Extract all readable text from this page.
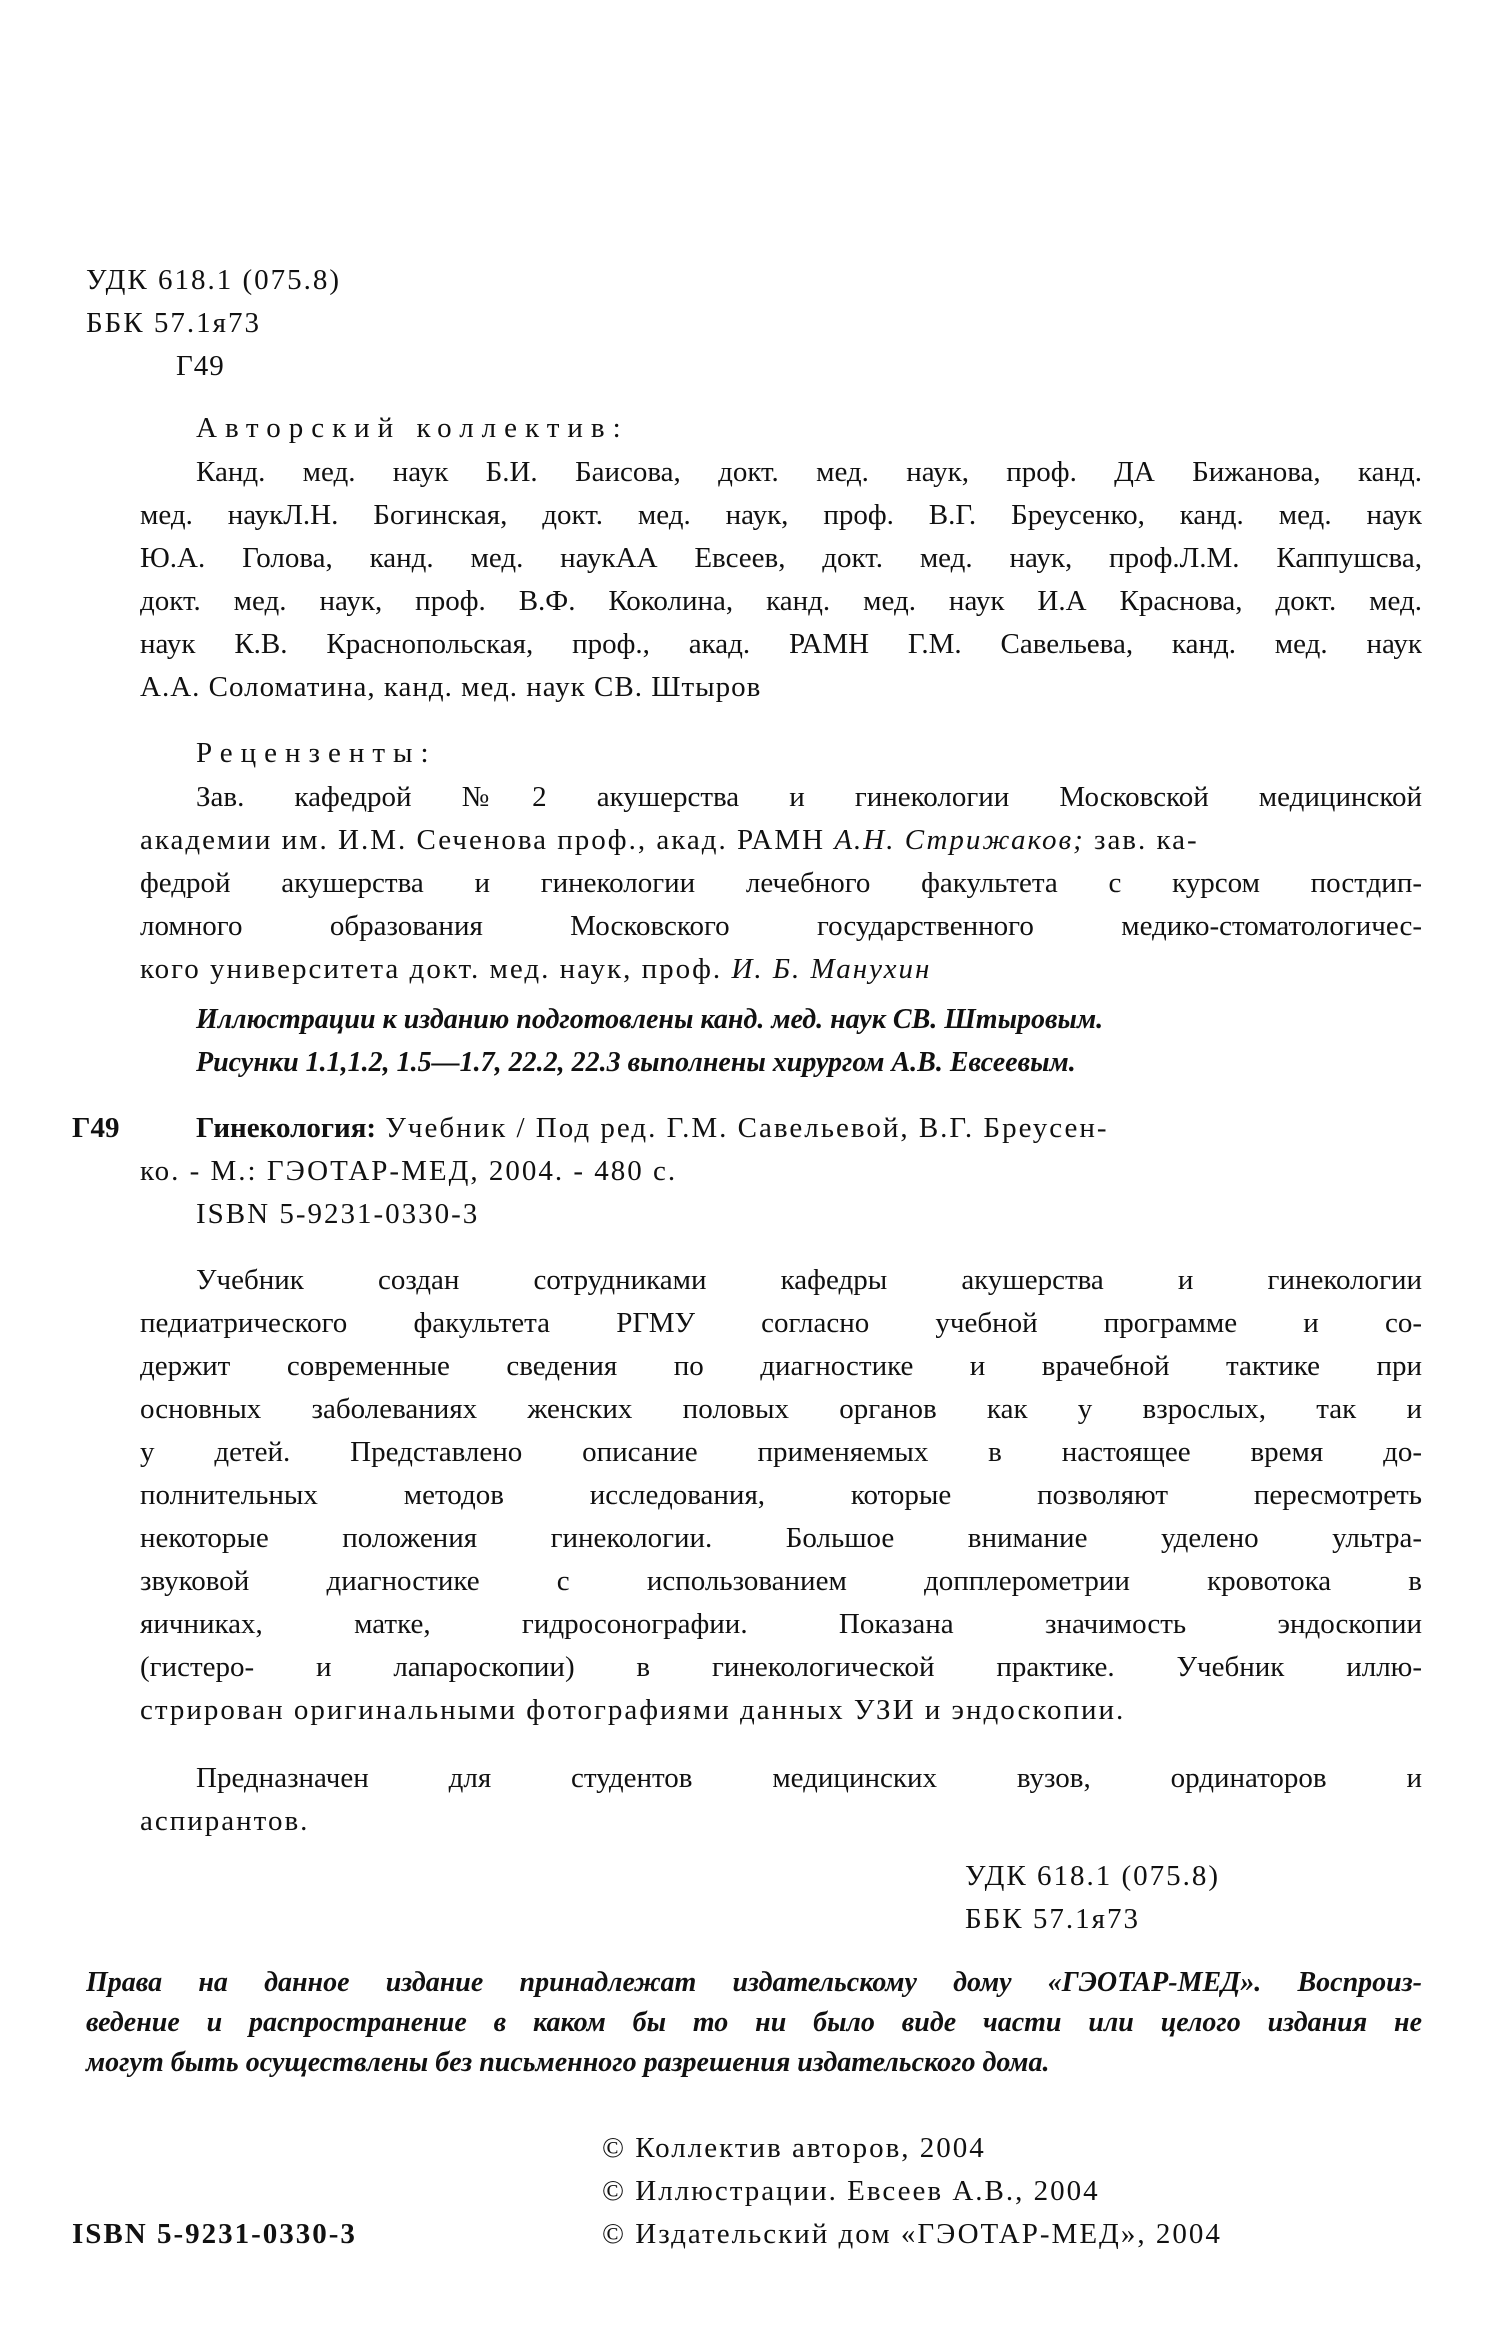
УДК 618.1 (075.8)
ББК 57.1я73
Г49
Авторский коллектив:
Канд. мед. наук Б.И. Баисова, докт. мед. наук, проф. ДА Бижанова, канд.
мед. наукЛ.Н. Богинская, докт. мед. наук, проф. В.Г. Бреусенко, канд. мед. наук
Ю.А. Голова, канд. мед. наукАА Евсеев, докт. мед. наук, проф.Л.М. Каппушсва,
докт. мед. наук, проф. В.Ф. Коколина, канд. мед. наук И.А Краснова, докт. мед.
наук К.В. Краснопольская, проф., акад. РАМН Г.М. Савельева, канд. мед. наук
А.А. Соломатина, канд. мед. наук СВ. Штыров
Рецензенты:
Зав. кафедрой №2 акушерства и гинекологии Московской медицинской
академии им. И.М. Сеченова проф., акад. РАМН А.Н. Стрижаков; зав. ка-
федрой акушерства и гинекологии лечебного факультета с курсом постдип-
ломного образования Московского государственного медико-стоматологичес-
кого университета докт. мед. наук, проф. И. Б. Манухин
Иллюстрации к изданию подготовлены канд. мед. наук СВ. Штыровым.
Рисунки 1.1,1.2, 1.5—1.7, 22.2, 22.3 выполнены хирургом А.В. Евсеевым.
Г49	Гинекология: Учебник / Под ред. Г.М. Савельевой, В.Г. Бреусен-
ко. - М.: ГЭОТАР-МЕД, 2004. - 480 с.
ISBN 5-9231-0330-3
Учебник создан сотрудниками кафедры акушерства и гинекологии
педиатрического факультета РГМУ согласно учебной программе и со-
держит современные сведения по диагностике и врачебной тактике при
основных заболеваниях женских половых органов как у взрослых, так и
у детей. Представлено описание применяемых в настоящее время до-
полнительных методов исследования, которые позволяют пересмотреть
некоторые положения гинекологии. Большое внимание уделено ультра-
звуковой диагностике с использованием допплерометрии кровотока в
яичниках, матке, гидросонографии. Показана значимость эндоскопии
(гистеро- и лапароскопии) в гинекологической практике. Учебник иллю-
стрирован оригинальными фотографиями данных УЗИ и эндоскопии.
Предназначен для студентов медицинских вузов, ординаторов и
аспирантов.
УДК 618.1 (075.8)
ББК 57.1я73
Права на данное издание принадлежат издательскому дому «ГЭОТАР-МЕД». Воспроиз-
ведение и распространение в каком бы то ни было виде части или целого издания не
могут быть осуществлены без письменного разрешения издательского дома.
© Коллектив авторов, 2004
© Иллюстрации. Евсеев А.В., 2004
© Издательский дом «ГЭОТАР-МЕД», 2004
ISBN 5-9231-0330-3
